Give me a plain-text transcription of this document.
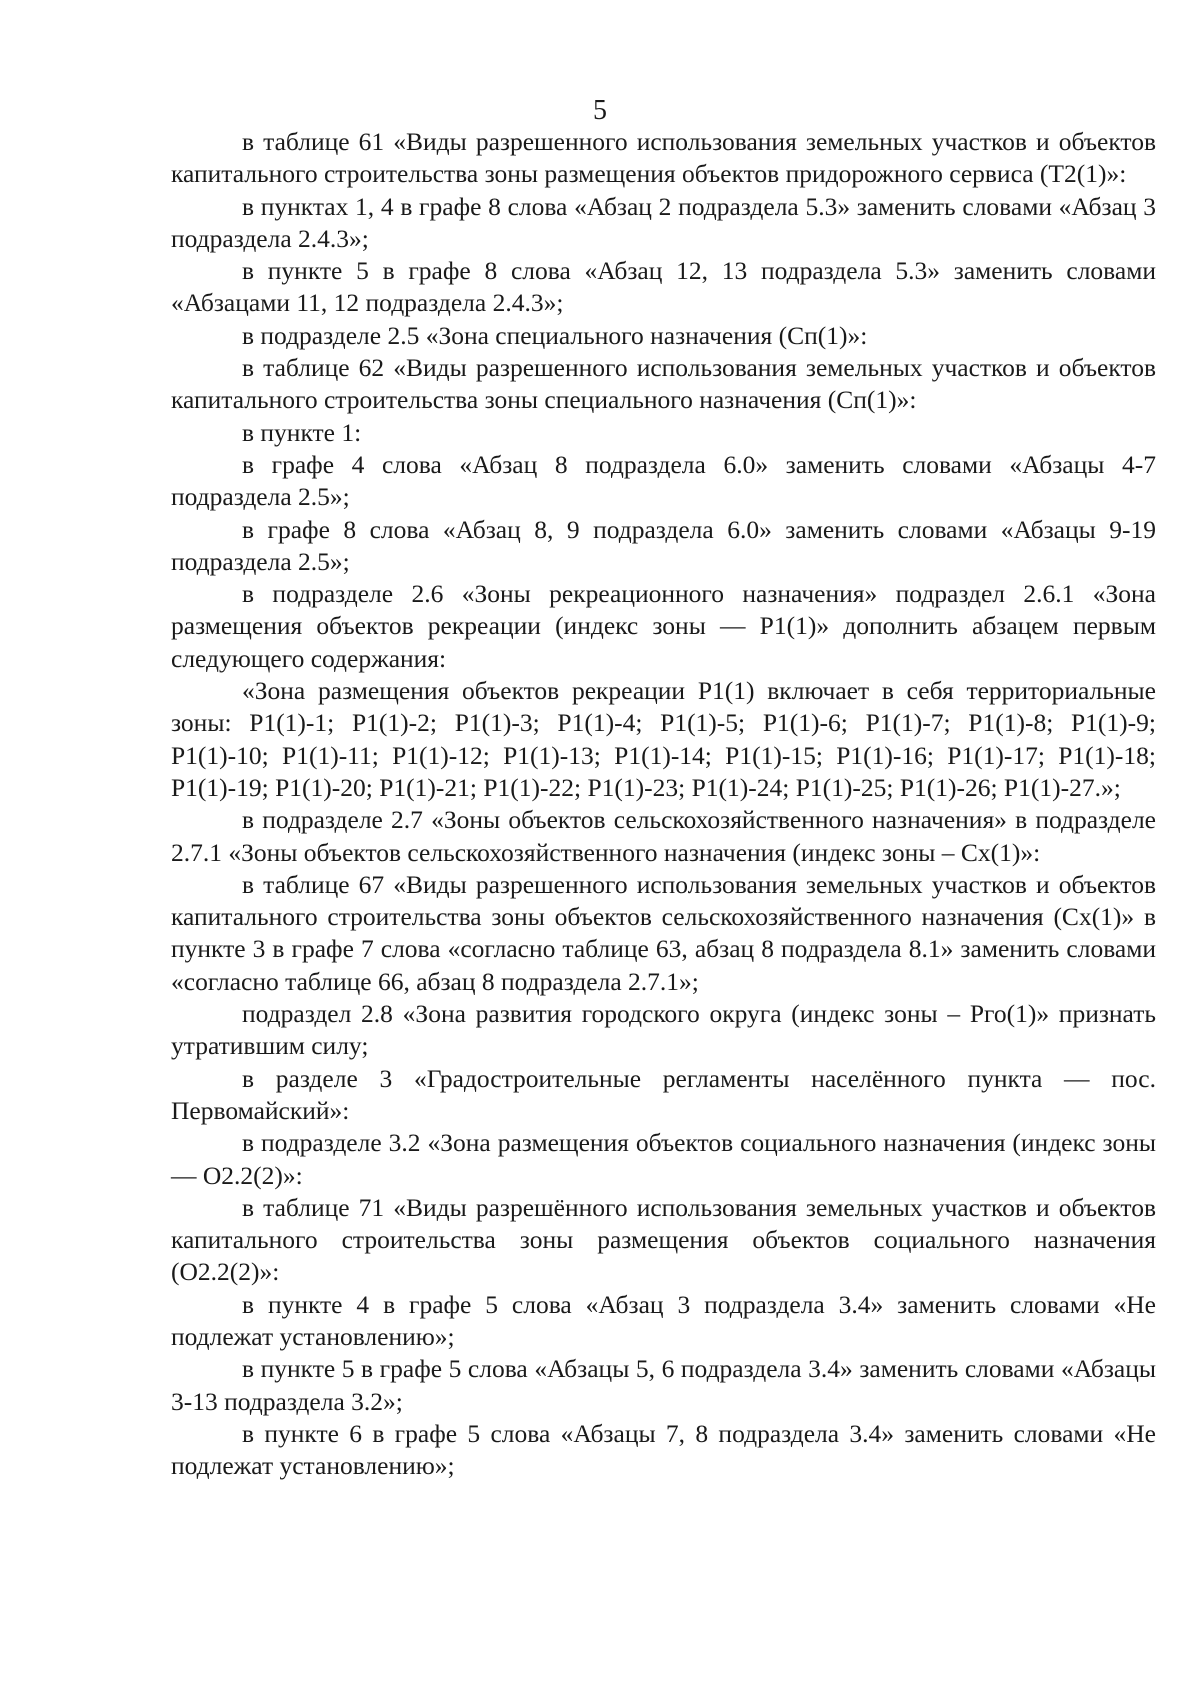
5

в таблице 61 «Виды разрешенного использования земельных участков и объектов капитального строительства зоны размещения объектов придорожного сервиса (Т2(1)»:

в пунктах 1, 4 в графе 8 слова «Абзац 2 подраздела 5.3» заменить словами «Абзац 3 подраздела 2.4.3»;

в пункте 5 в графе 8 слова «Абзац 12, 13 подраздела 5.3» заменить словами «Абзацами 11, 12 подраздела 2.4.3»;

в подразделе 2.5 «Зона специального назначения (Сп(1)»:

в таблице 62 «Виды разрешенного использования земельных участков и объектов капитального строительства зоны специального назначения (Сп(1)»:

в пункте 1:

в графе 4 слова «Абзац 8 подраздела 6.0» заменить словами «Абзацы 4-7 подраздела 2.5»;

в графе 8 слова «Абзац 8, 9 подраздела 6.0» заменить словами «Абзацы 9-19 подраздела 2.5»;

в подразделе 2.6 «Зоны рекреационного назначения» подраздел 2.6.1 «Зона размещения объектов рекреации (индекс зоны — Р1(1)» дополнить абзацем первым следующего содержания:

«Зона размещения объектов рекреации Р1(1) включает в себя территориальные зоны: Р1(1)-1; Р1(1)-2; Р1(1)-3; Р1(1)-4; Р1(1)-5; Р1(1)-6; Р1(1)-7; Р1(1)-8; Р1(1)-9; Р1(1)-10; Р1(1)-11; Р1(1)-12; Р1(1)-13; Р1(1)-14; Р1(1)-15; Р1(1)-16; Р1(1)-17; Р1(1)-18; Р1(1)-19; Р1(1)-20; Р1(1)-21; Р1(1)-22; Р1(1)-23; Р1(1)-24; Р1(1)-25; Р1(1)-26; Р1(1)-27.»;

в подразделе 2.7 «Зоны объектов сельскохозяйственного назначения» в подразделе 2.7.1 «Зоны объектов сельскохозяйственного назначения (индекс зоны – Сх(1)»:

в таблице 67 «Виды разрешенного использования земельных участков и объектов капитального строительства зоны объектов сельскохозяйственного назначения (Сх(1)» в пункте 3 в графе 7 слова «согласно таблице 63, абзац 8 подраздела 8.1» заменить словами «согласно таблице 66, абзац 8 подраздела 2.7.1»;

подраздел 2.8 «Зона развития городского округа (индекс зоны – Рго(1)» признать утратившим силу;

в разделе 3 «Градостроительные регламенты населённого пункта — пос. Первомайский»:

в подразделе 3.2 «Зона размещения объектов социального назначения (индекс зоны — О2.2(2)»:

в таблице 71 «Виды разрешённого использования земельных участков и объектов капитального строительства зоны размещения объектов социального назначения (О2.2(2)»:

в пункте 4 в графе 5 слова «Абзац 3 подраздела 3.4» заменить словами «Не подлежат установлению»;

в пункте 5 в графе 5 слова «Абзацы 5, 6 подраздела 3.4» заменить словами «Абзацы 3-13 подраздела 3.2»;

в пункте 6 в графе 5 слова «Абзацы 7, 8 подраздела 3.4» заменить словами «Не подлежат установлению»;
